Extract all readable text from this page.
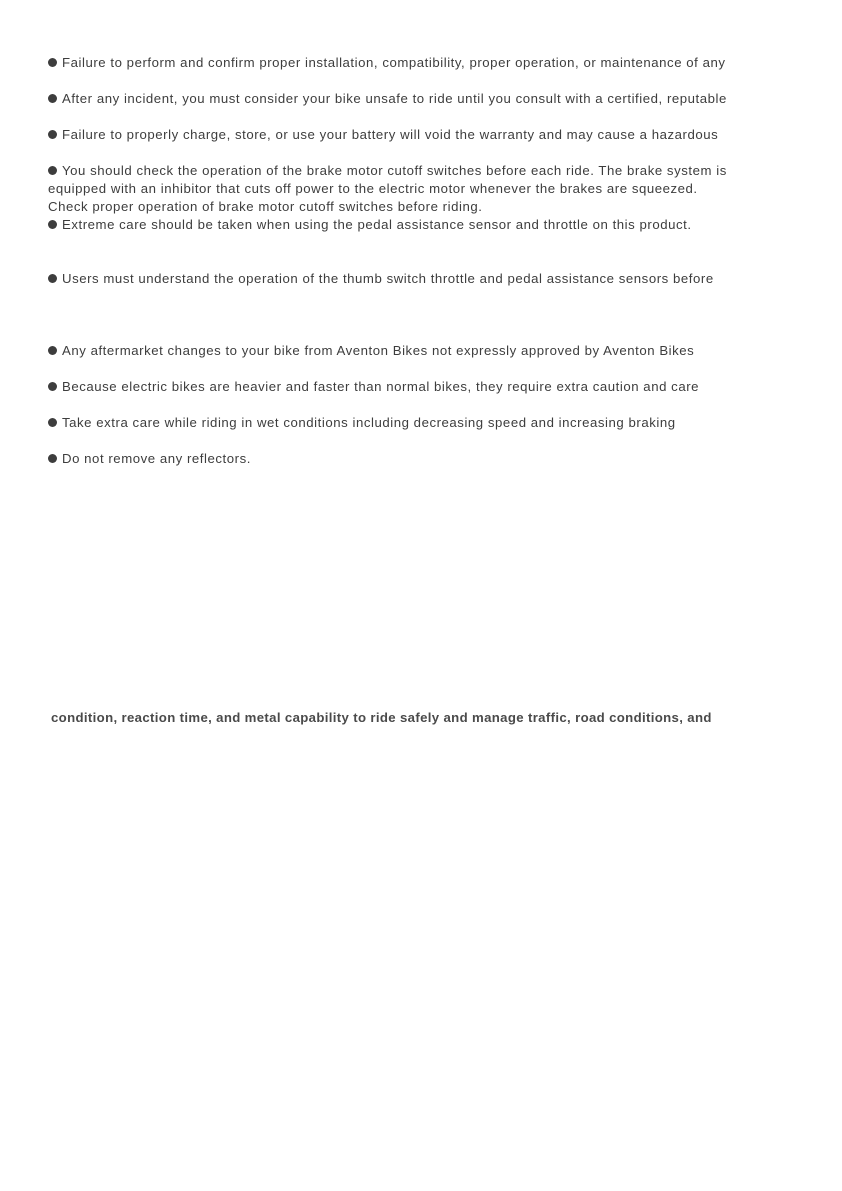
Failure to perform and confirm proper installation, compatibility, proper operation, or maintenance of any
After any incident, you must consider your bike unsafe to ride until you consult with a certified, reputable
Failure to properly charge, store, or use your battery will void the warranty and may cause a hazardous
You should check the operation of the brake motor cutoff switches before each ride. The brake system is
equipped with an inhibitor that cuts off power to the electric motor whenever the brakes are squeezed.
Check proper operation of brake motor cutoff switches before riding.
Extreme care should be taken when using the pedal assistance sensor and throttle on this product.
Users must understand the operation of the thumb switch throttle and pedal assistance sensors before
Any aftermarket changes to your bike from Aventon Bikes not expressly approved by Aventon Bikes
Because electric bikes are heavier and faster than normal bikes, they require extra caution and care
Take extra care while riding in wet conditions including decreasing speed and increasing braking
Do not remove any reflectors.
condition, reaction time, and metal capability to ride safely and manage traffic, road conditions, and
